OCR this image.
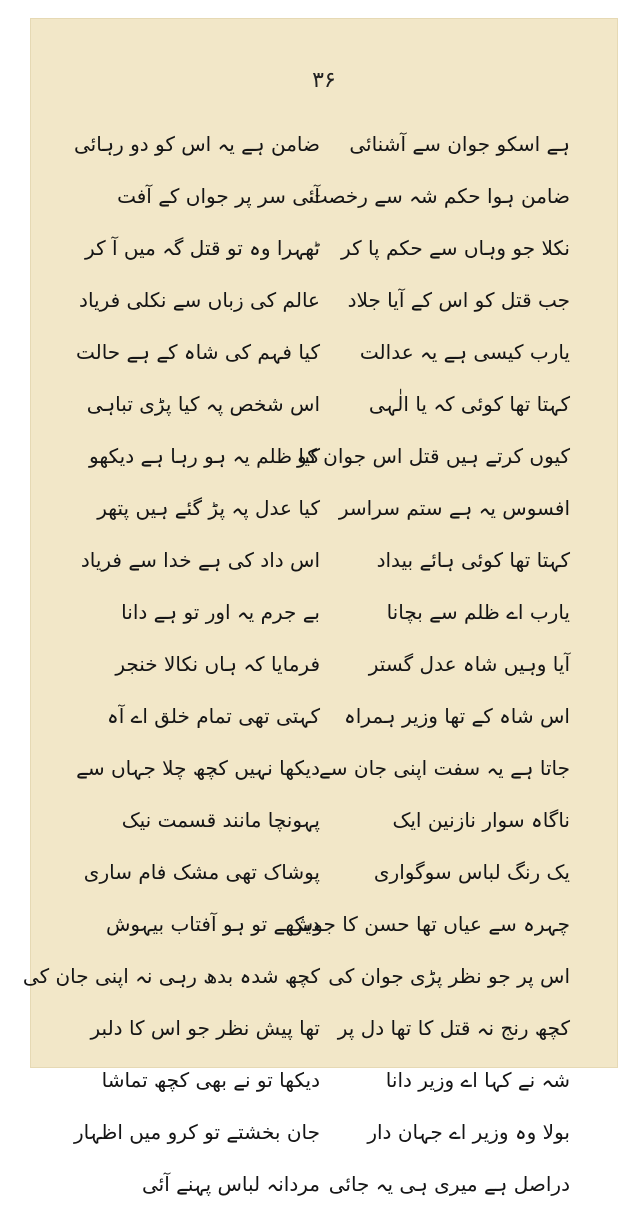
۳۶
ہے اسکو جوان سے آشنائی
ضامن ہوا حکم شہ سے رخصت
نکلا جو وہاں سے حکم پا کر
جب قتل کو اس کے آیا جلاد
یارب کیسی ہے یہ عدالت
کہتا تھا کوئی کہ یا الٰہی
کیوں کرتے ہیں قتل اس جوان کو
افسوس یہ ہے ستم سراسر
کہتا تھا کوئی ہائے بیداد
یارب اے ظلم سے بچانا
آیا وہیں شاہ عدل گستر
اس شاہ کے تھا وزیر ہمراہ
جاتا ہے یہ سفت اپنی جان سے
ناگاہ سوار نازنین ایک
یک رنگ لباس سوگواری
چہرہ سے عیاں تھا حسن کا جوش
اس پر جو نظر پڑی جوان کی
کچھ رنج نہ قتل کا تھا دل پر
شہ نے کہا اے وزیر دانا
بولا وہ وزیر اے جہان دار
دراصل ہے میری ہی یہ جائی
ضامن ہے یہ اس کو دو رہائی
آئی سر پر جواں کے آفت
ٹھہرا وہ تو قتل گہ میں آ کر
عالم کی زباں سے نکلی فریاد
کیا فہم کی شاہ کے ہے حالت
اس شخص پہ کیا پڑی تباہی
کیا ظلم یہ ہو رہا ہے دیکھو
کیا عدل پہ پڑ گئے ہیں پتھر
اس داد کی ہے خدا سے فریاد
بے جرم یہ اور تو ہے دانا
فرمایا کہ ہاں نکالا خنجر
کہتی تھی تمام خلق اے آہ
دیکھا نہیں کچھ چلا جہاں سے
پہونچا مانند قسمت نیک
پوشاک تھی مشک فام ساری
دیکھے تو ہو آفتاب بیہوش
کچھ شدہ بدھ رہی نہ اپنی جان کی
تھا پیش نظر جو اس کا دلبر
دیکھا تو نے بھی کچھ تماشا
جان بخشتے تو کرو میں اظہار
مردانہ لباس پہنے آئی
